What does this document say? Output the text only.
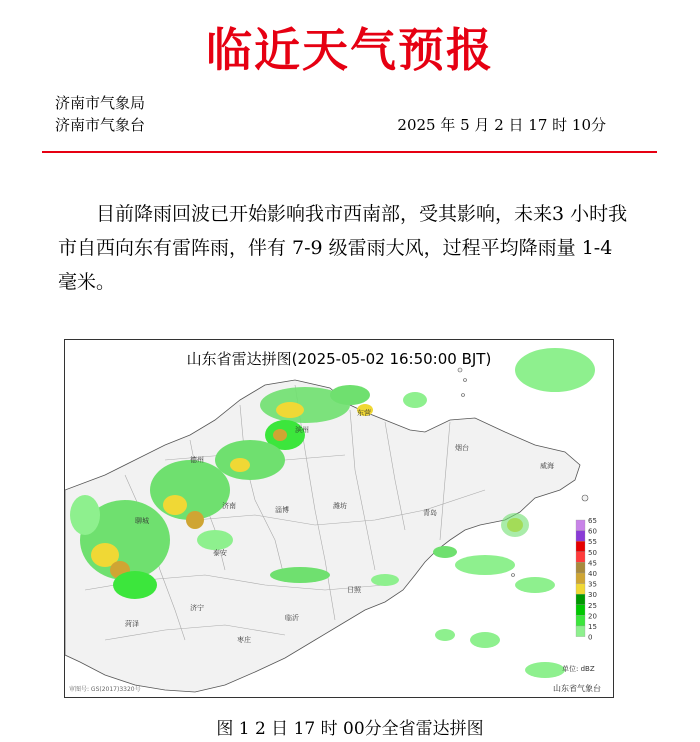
临近天气预报
济南市气象局
济南市气象台	2025 年 5 月 2 日 17 时 10分
目前降雨回波已开始影响我市西南部，受其影响，未来3 小时我市自西向东有雷阵雨，伴有 7-9 级雷雨大风，过程平均降雨量 1-4 毫米。
德州
滨州
东营
烟台
威海
聊城
济南	淄博	潍坊
青岛
泰安
日照
菏泽
济宁
临沂
枣庄
65
60
55
50
45
40
35
30
25
20
15
0
单位: dBZ
审图号: GS(2017)3320号	山东省气象台
山东省雷达拼图(2025-05-02 16:50:00 BJT)
图 1 2 日 17 时 00分全省雷达拼图
